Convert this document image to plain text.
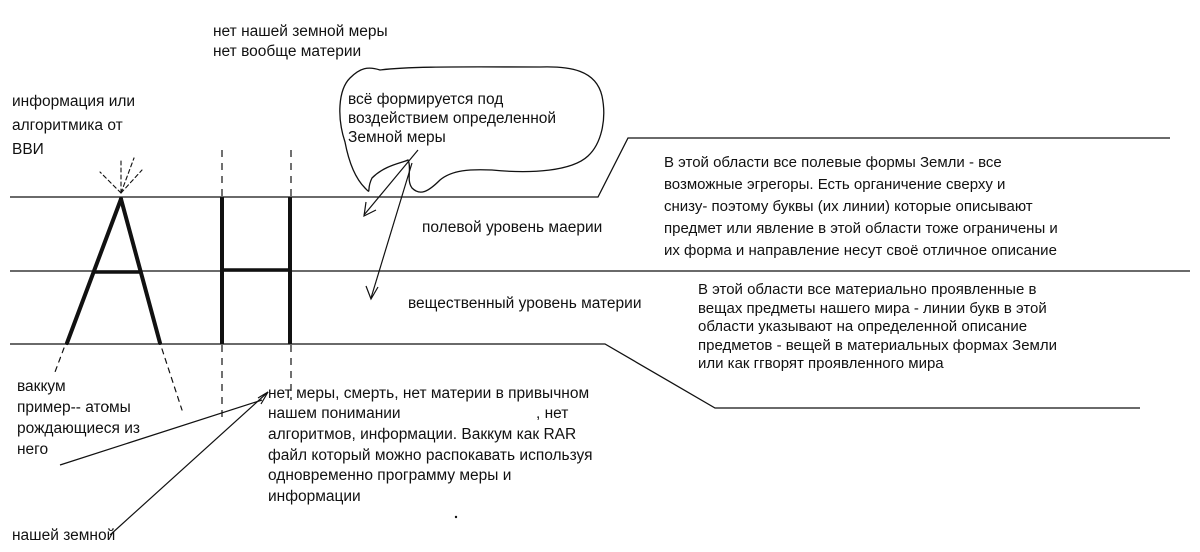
нет нашей земной меры

нет вообще материи

информация или
алгоритмика от
ВВИ

всё формируется под
воздействием определенной
Земной меры

В этой области все полевые формы Земли - все
возможные эгрегоры. Есть органичение сверху и
снизу- поэтому буквы (их линии) которые описывают
предмет или явление в этой области тоже ограничены и
их форма и направление несут своё отличное описание

полевой уровень маерии

вещественный уровень материи

В этой области все материально проявленные в
вещах предметы нашего мира - линии букв в этой
области указывают на определенной описание
предметов - вещей в материальных формах Земли
или как ггворят проявленного мира

ваккум
пример-- атомы
рождающиеся из
него

нет меры, смерть, нет материи в привычном

нашем понимании	, нет

алгоритмов, информации. Ваккум как RAR
файл который можно распокавать используя
одновременно программу меры и
информации

нашей земной
